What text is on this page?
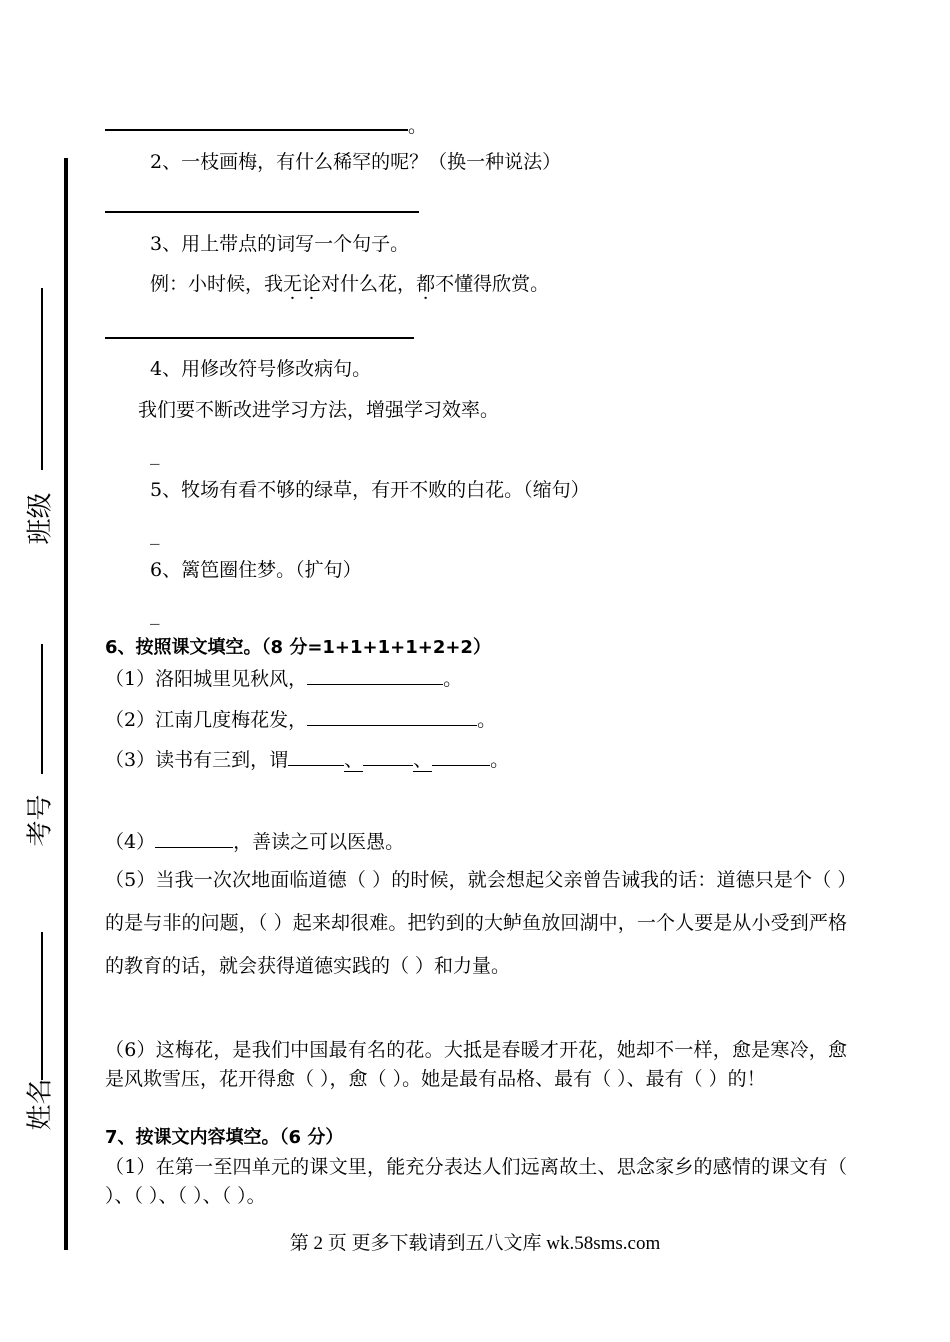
班级
考号
姓名
。
2、一枝画梅，有什么稀罕的呢？（换一种说法）
3、用上带点的词写一个句子。
例：小时候，我无论对什么花，都不懂得欣赏。
4、用修改符号修改病句。
我们要不断改进学习方法，增强学习效率。
_
5、牧场有看不够的绿草，有开不败的白花。（缩句）
_
6、篱笆圈住梦。（扩句）
_
6、按照课文填空。（8 分=1+1+1+1+2+2）
（1）洛阳城里见秋风，	。
（2）江南几度梅花发，	。
（3）读书有三到，谓	、	、	。
（4）	，善读之可以医愚。
（5）当我一次次地面临道德（ ）的时候，就会想起父亲曾告诫我的话：道德只是个（ ）的是与非的问题，（ ）起来却很难。把钓到的大鲈鱼放回湖中，一个人要是从小受到严格的教育的话，就会获得道德实践的（ ）和力量。
（6）这梅花，是我们中国最有名的花。大抵是春暖才开花，她却不一样，愈是寒冷，愈是风欺雪压，花开得愈（ ），愈（ ）。她是最有品格、最有（ ）、最有（ ）的！
7、按课文内容填空。（6 分）
（1）在第一至四单元的课文里，能充分表达人们远离故土、思念家乡的感情的课文有（ ）、（ ）、（ ）、（ ）。
第 2 页 更多下载请到五八文库 wk.58sms.com
